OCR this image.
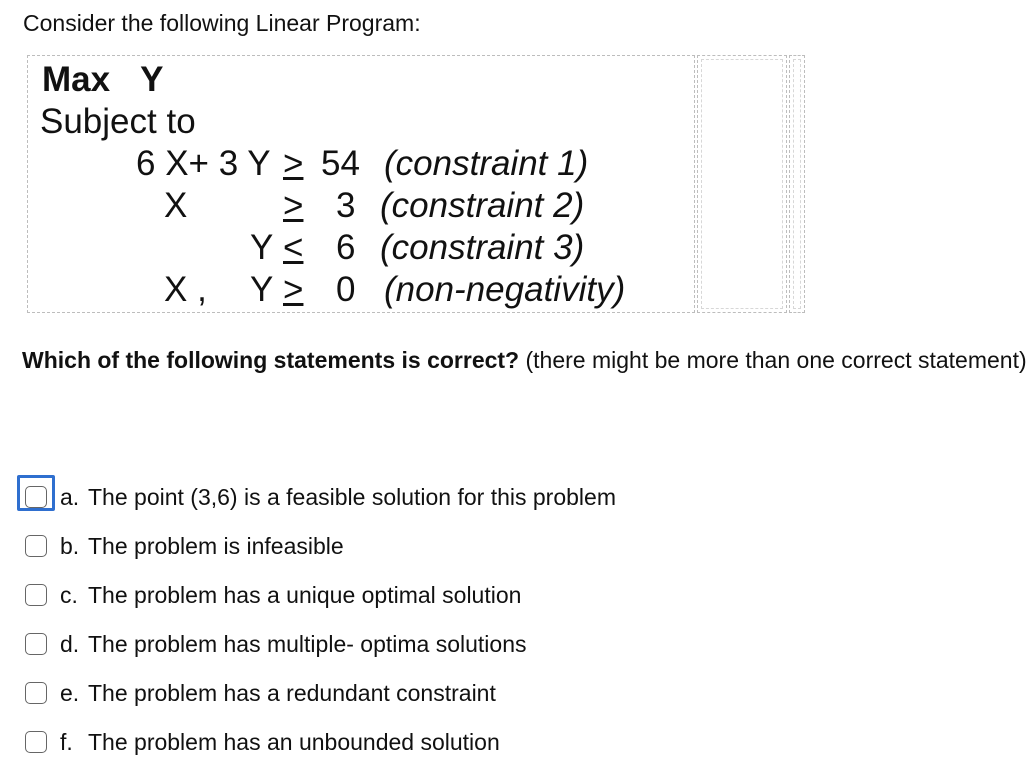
Consider the following Linear Program:
Max Y
Subject to
6 X+ 3 Y > 54 (constraint 1)
X	> 3 (constraint 2)
Y < 6 (constraint 3)
X , Y > 0 (non-negativity)
Which of the following statements is correct? (there might be more than one correct statement)
a. The point (3,6) is a feasible solution for this problem
b. The problem is infeasible
c. The problem has a unique optimal solution
d. The problem has multiple- optima solutions
e. The problem has a redundant constraint
f. The problem has an unbounded solution
